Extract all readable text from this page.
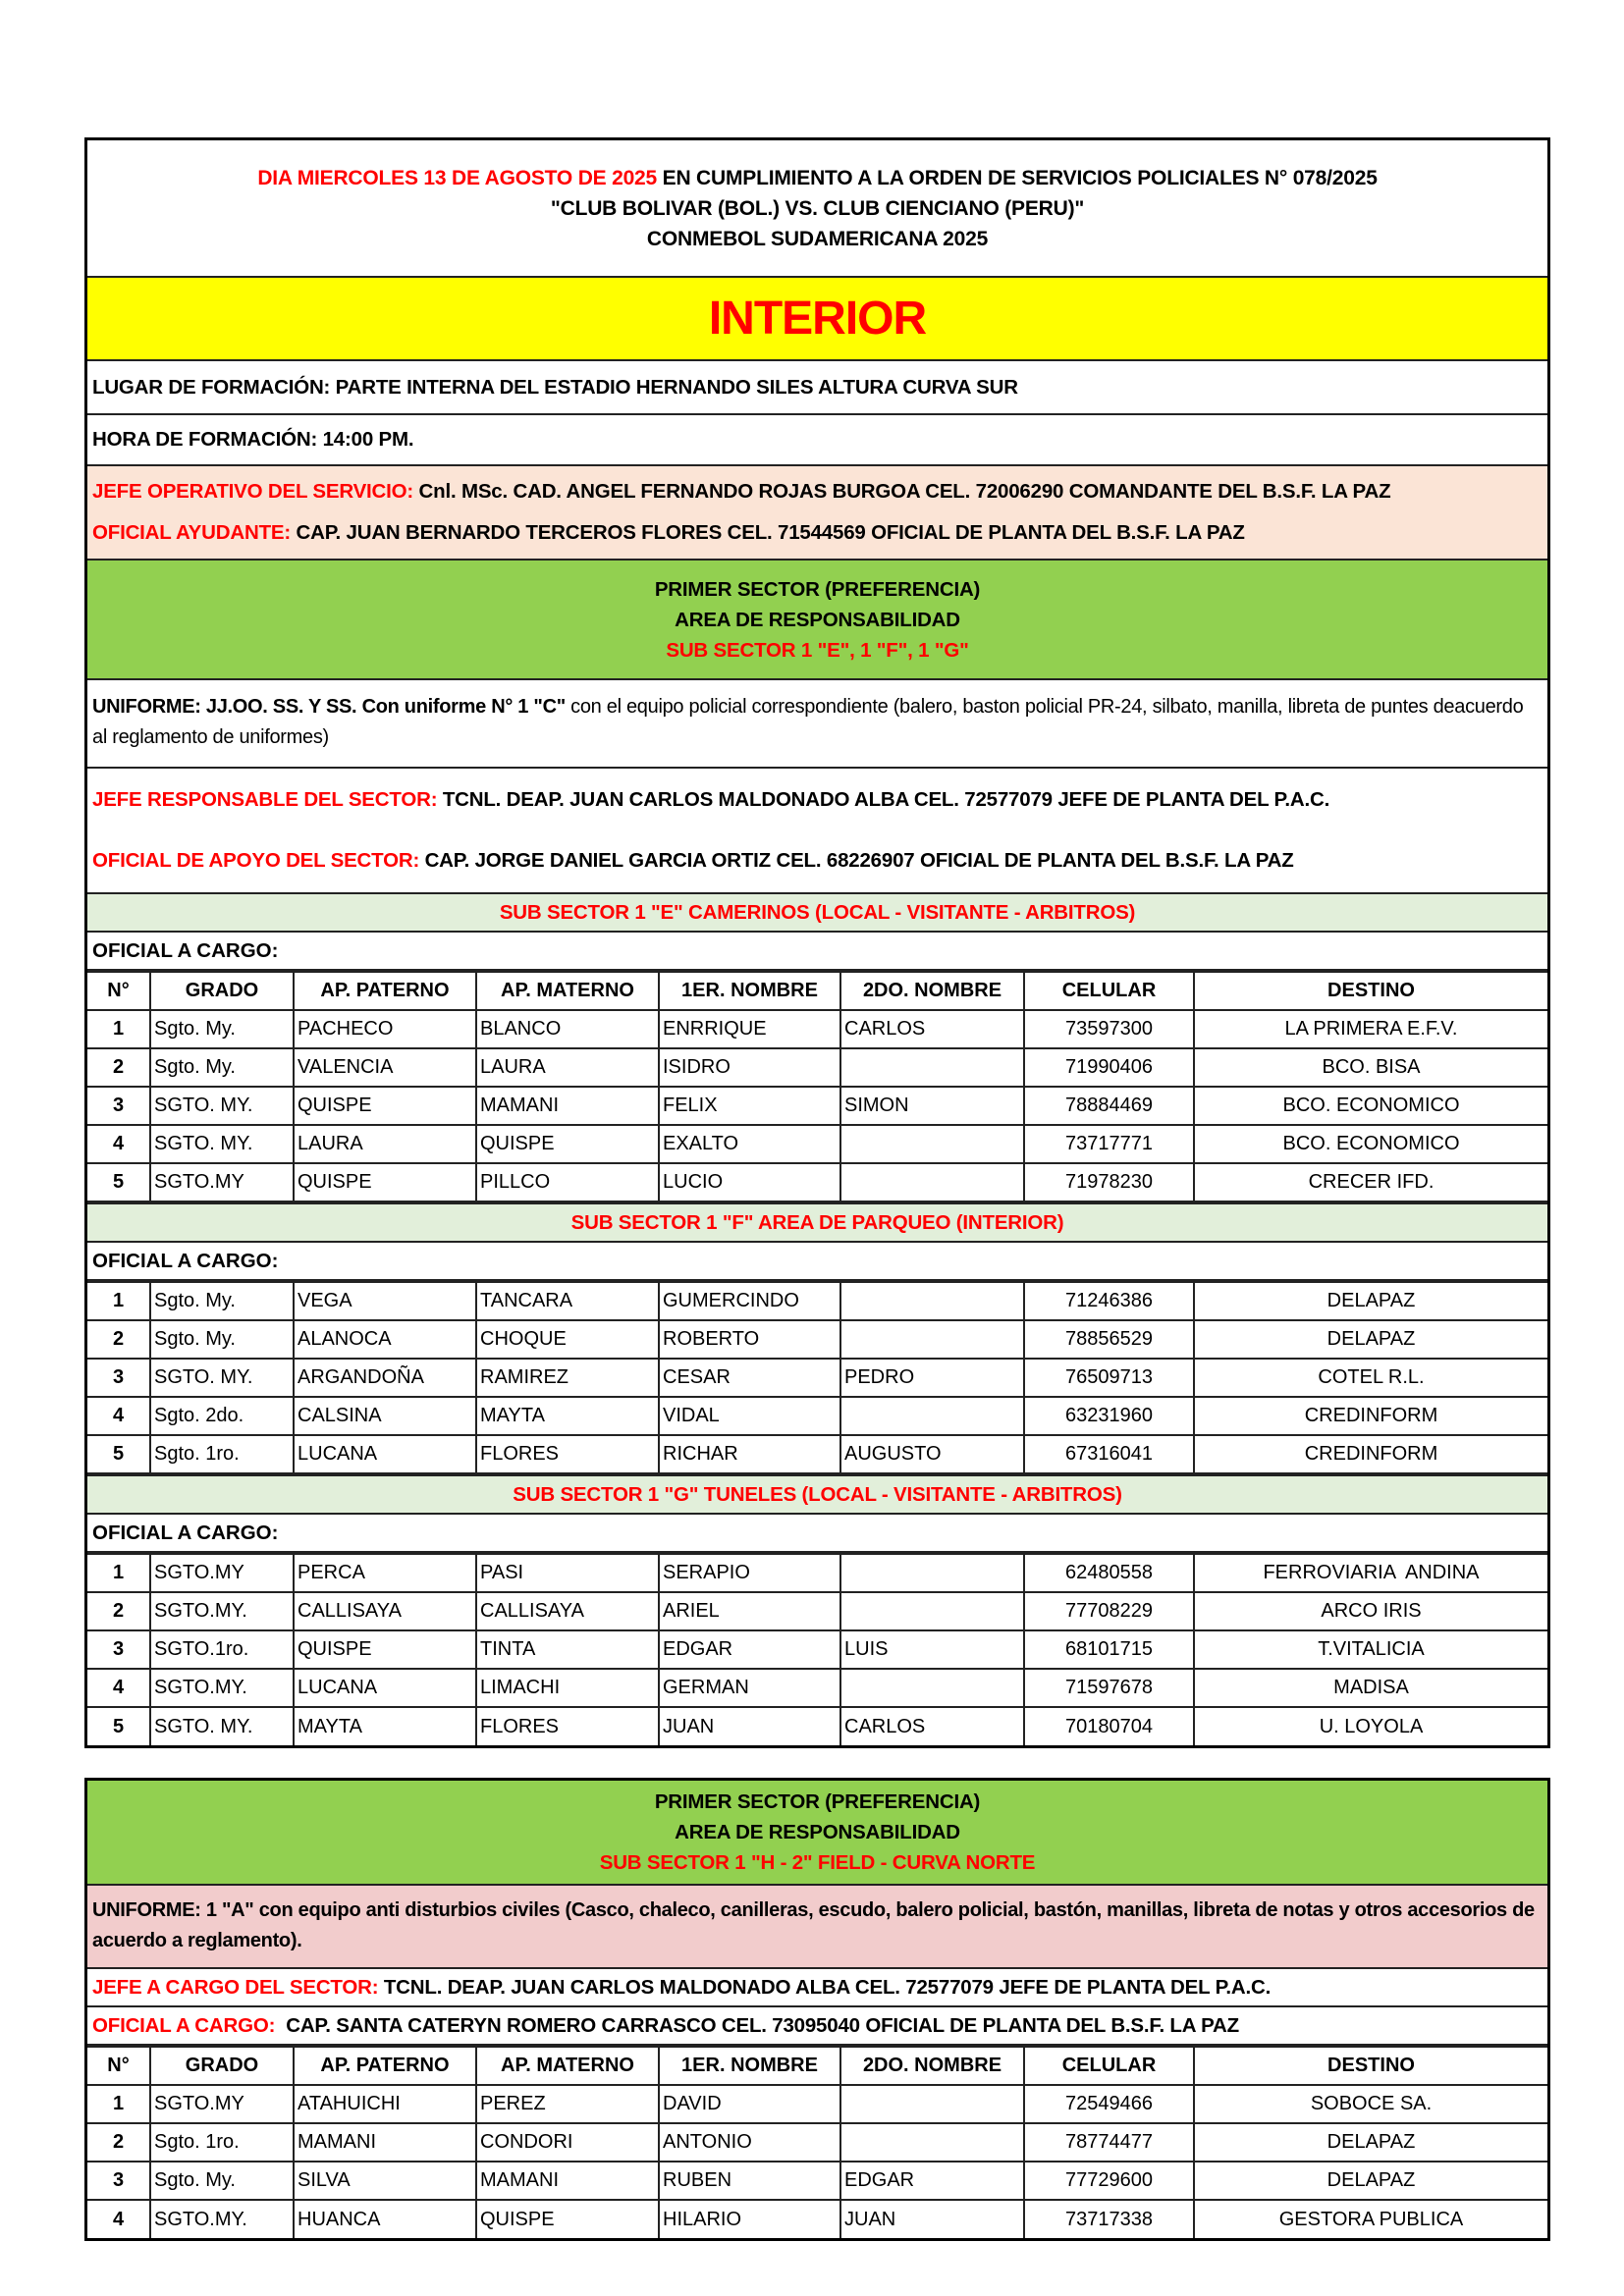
DIA MIERCOLES 13 DE AGOSTO DE 2025 EN CUMPLIMIENTO A LA ORDEN DE SERVICIOS POLICIALES N° 078/2025
"CLUB BOLIVAR (BOL.) VS. CLUB CIENCIANO (PERU)"
CONMEBOL SUDAMERICANA 2025
INTERIOR
LUGAR DE FORMACIÓN: PARTE INTERNA DEL ESTADIO HERNANDO SILES ALTURA CURVA SUR
HORA DE FORMACIÓN: 14:00 PM.
JEFE OPERATIVO DEL SERVICIO: Cnl. MSc. CAD. ANGEL FERNANDO ROJAS BURGOA CEL. 72006290 COMANDANTE DEL B.S.F. LA PAZ
OFICIAL AYUDANTE: CAP. JUAN BERNARDO TERCEROS FLORES CEL. 71544569 OFICIAL DE PLANTA DEL B.S.F. LA PAZ
PRIMER SECTOR (PREFERENCIA)
AREA DE RESPONSABILIDAD
SUB SECTOR 1 "E", 1 "F", 1 "G"
UNIFORME: JJ.OO. SS. Y SS. Con uniforme N° 1 "C" con el equipo policial correspondiente (balero, baston policial PR-24, silbato, manilla, libreta de puntes deacuerdo al reglamento de uniformes)
JEFE RESPONSABLE DEL SECTOR: TCNL. DEAP. JUAN CARLOS MALDONADO ALBA CEL. 72577079 JEFE DE PLANTA DEL P.A.C.
OFICIAL DE APOYO DEL SECTOR: CAP. JORGE DANIEL GARCIA ORTIZ CEL. 68226907 OFICIAL DE PLANTA DEL B.S.F. LA PAZ
SUB SECTOR 1 "E" CAMERINOS (LOCAL - VISITANTE - ARBITROS)
OFICIAL A CARGO:
N°	GRADO	AP. PATERNO	AP. MATERNO	1ER. NOMBRE	2DO. NOMBRE	CELULAR	DESTINO
1	Sgto. My.	PACHECO	BLANCO	ENRRIQUE	CARLOS	73597300	LA PRIMERA E.F.V.
2	Sgto. My.	VALENCIA	LAURA	ISIDRO		71990406	BCO. BISA
3	SGTO. MY.	QUISPE	MAMANI	FELIX	SIMON	78884469	BCO. ECONOMICO
4	SGTO. MY.	LAURA	QUISPE	EXALTO		73717771	BCO. ECONOMICO
5	SGTO.MY	QUISPE	PILLCO	LUCIO		71978230	CRECER IFD.
SUB SECTOR 1 "F" AREA DE PARQUEO (INTERIOR)
OFICIAL A CARGO:
1	Sgto. My.	VEGA	TANCARA	GUMERCINDO		71246386	DELAPAZ
2	Sgto. My.	ALANOCA	CHOQUE	ROBERTO		78856529	DELAPAZ
3	SGTO. MY.	ARGANDOÑA	RAMIREZ	CESAR	PEDRO	76509713	COTEL R.L.
4	Sgto. 2do.	CALSINA	MAYTA	VIDAL		63231960	CREDINFORM
5	Sgto. 1ro.	LUCANA	FLORES	RICHAR	AUGUSTO	67316041	CREDINFORM
SUB SECTOR 1 "G" TUNELES (LOCAL - VISITANTE - ARBITROS)
OFICIAL A CARGO:
1	SGTO.MY	PERCA	PASI	SERAPIO		62480558	FERROVIARIA  ANDINA
2	SGTO.MY.	CALLISAYA	CALLISAYA	ARIEL		77708229	ARCO IRIS
3	SGTO.1ro.	QUISPE	TINTA	EDGAR	LUIS	68101715	T.VITALICIA
4	SGTO.MY.	LUCANA	LIMACHI	GERMAN		71597678	MADISA
5	SGTO. MY.	MAYTA	FLORES	JUAN	CARLOS	70180704	U. LOYOLA
PRIMER SECTOR (PREFERENCIA)
AREA DE RESPONSABILIDAD
SUB SECTOR 1 "H - 2" FIELD - CURVA NORTE
UNIFORME: 1 "A" con equipo anti disturbios civiles (Casco, chaleco, canilleras, escudo, balero policial, bastón, manillas, libreta de notas y otros accesorios de acuerdo a reglamento).
JEFE A CARGO DEL SECTOR: TCNL. DEAP. JUAN CARLOS MALDONADO ALBA CEL. 72577079 JEFE DE PLANTA DEL P.A.C.
OFICIAL A CARGO: CAP. SANTA CATERYN ROMERO CARRASCO CEL. 73095040 OFICIAL DE PLANTA DEL B.S.F. LA PAZ
N°	GRADO	AP. PATERNO	AP. MATERNO	1ER. NOMBRE	2DO. NOMBRE	CELULAR	DESTINO
1	SGTO.MY	ATAHUICHI	PEREZ	DAVID		72549466	SOBOCE SA.
2	Sgto. 1ro.	MAMANI	CONDORI	ANTONIO		78774477	DELAPAZ
3	Sgto. My.	SILVA	MAMANI	RUBEN	EDGAR	77729600	DELAPAZ
4	SGTO.MY.	HUANCA	QUISPE	HILARIO	JUAN	73717338	GESTORA PUBLICA
